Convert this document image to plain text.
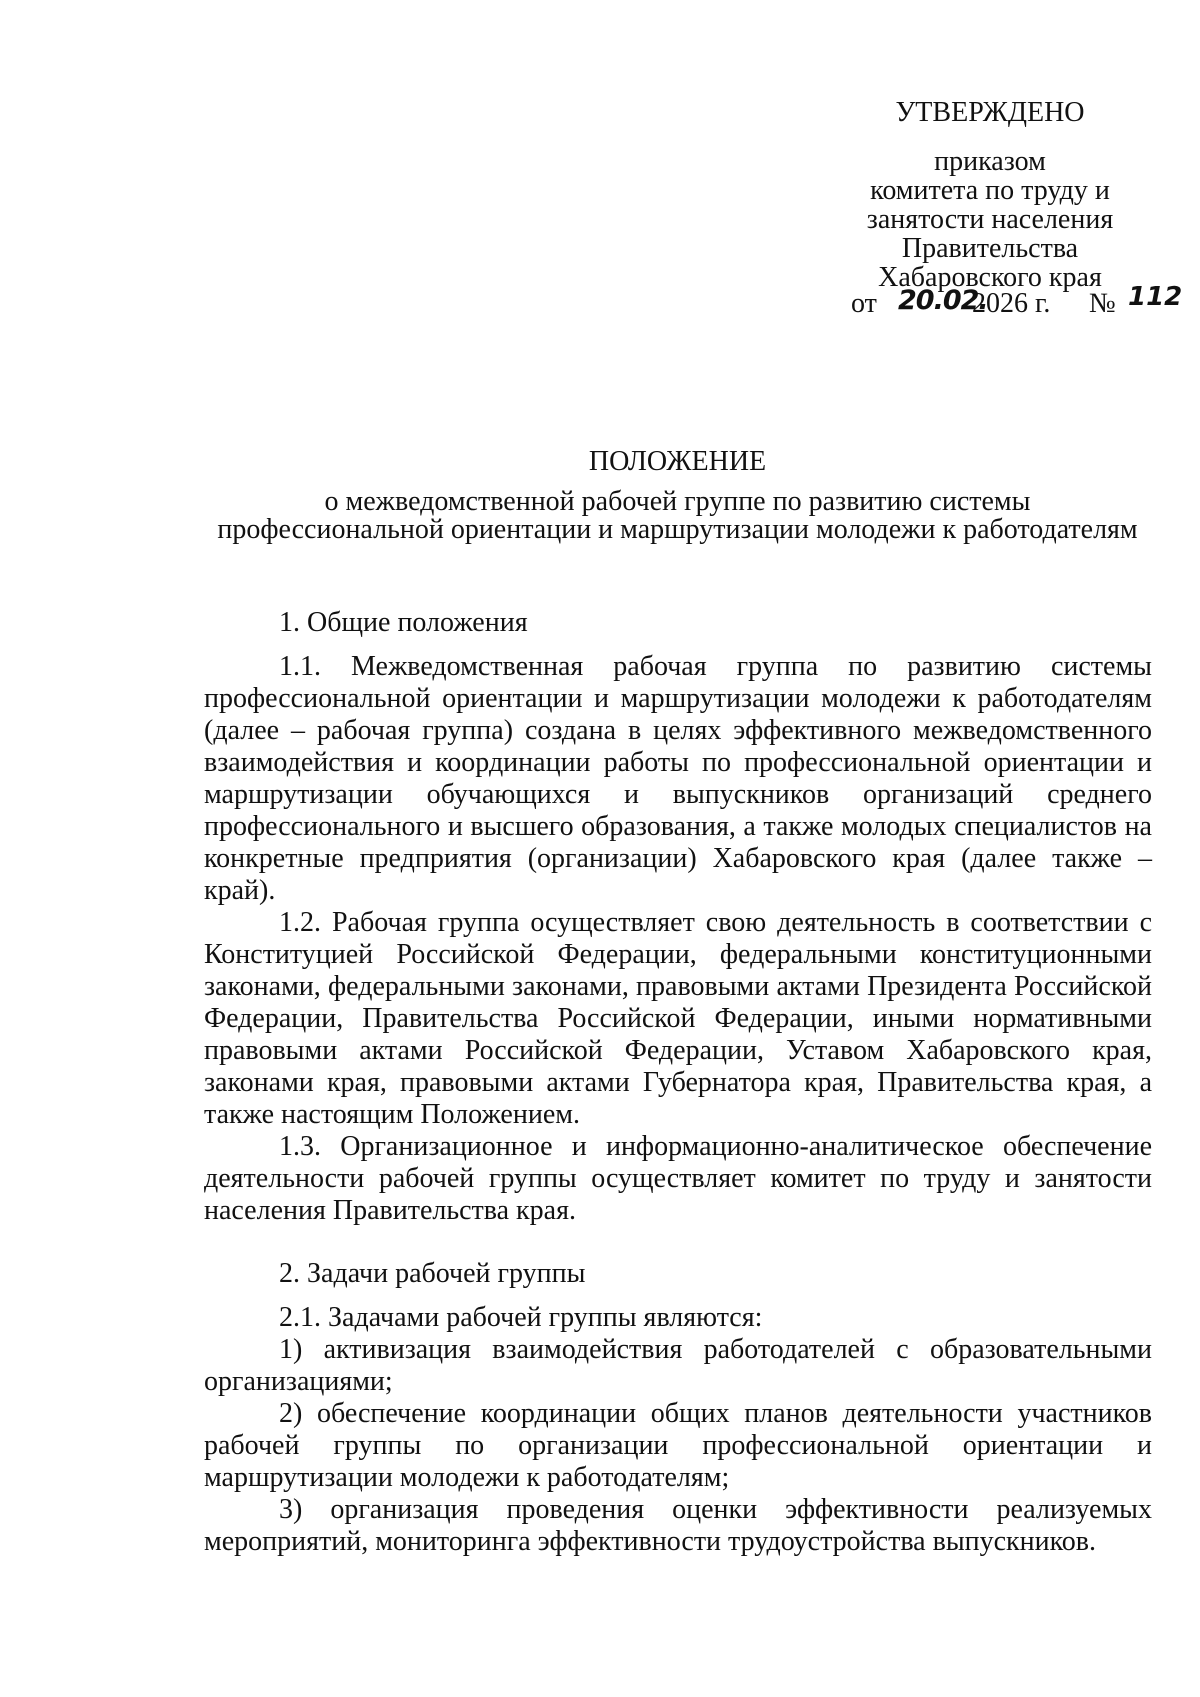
УТВЕРЖДЕНО
приказом
комитета по труду и
занятости населения
Правительства
Хабаровского края
от 20.02.
2026 г. № 112
ПОЛОЖЕНИЕ
о межведомственной рабочей группе по развитию системы
профессиональной ориентации и маршрутизации молодежи к работодателям

1. Общие положения

1.1. Межведомственная рабочая группа по развитию системы профессиональной ориентации и маршрутизации молодежи к работодателям (далее – рабочая группа) создана в целях эффективного межведомственного взаимодействия и координации работы по профессиональной ориентации и маршрутизации обучающихся и выпускников организаций среднего профессионального и высшего образования, а также молодых специалистов на конкретные предприятия (организации) Хабаровского края (далее также – край).

1.2. Рабочая группа осуществляет свою деятельность в соответствии с Конституцией Российской Федерации, федеральными конституционными законами, федеральными законами, правовыми актами Президента Российской Федерации, Правительства Российской Федерации, иными нормативными правовыми актами Российской Федерации, Уставом Хабаровского края, законами края, правовыми актами Губернатора края, Правительства края, а также настоящим Положением.

1.3. Организационное и информационно-аналитическое обеспечение деятельности рабочей группы осуществляет комитет по труду и занятости населения Правительства края.

2. Задачи рабочей группы

2.1. Задачами рабочей группы являются:

1) активизация взаимодействия работодателей с образовательными организациями;

2) обеспечение координации общих планов деятельности участников рабочей группы по организации профессиональной ориентации и маршрутизации молодежи к работодателям;

3) организация проведения оценки эффективности реализуемых мероприятий, мониторинга эффективности трудоустройства выпускников.
